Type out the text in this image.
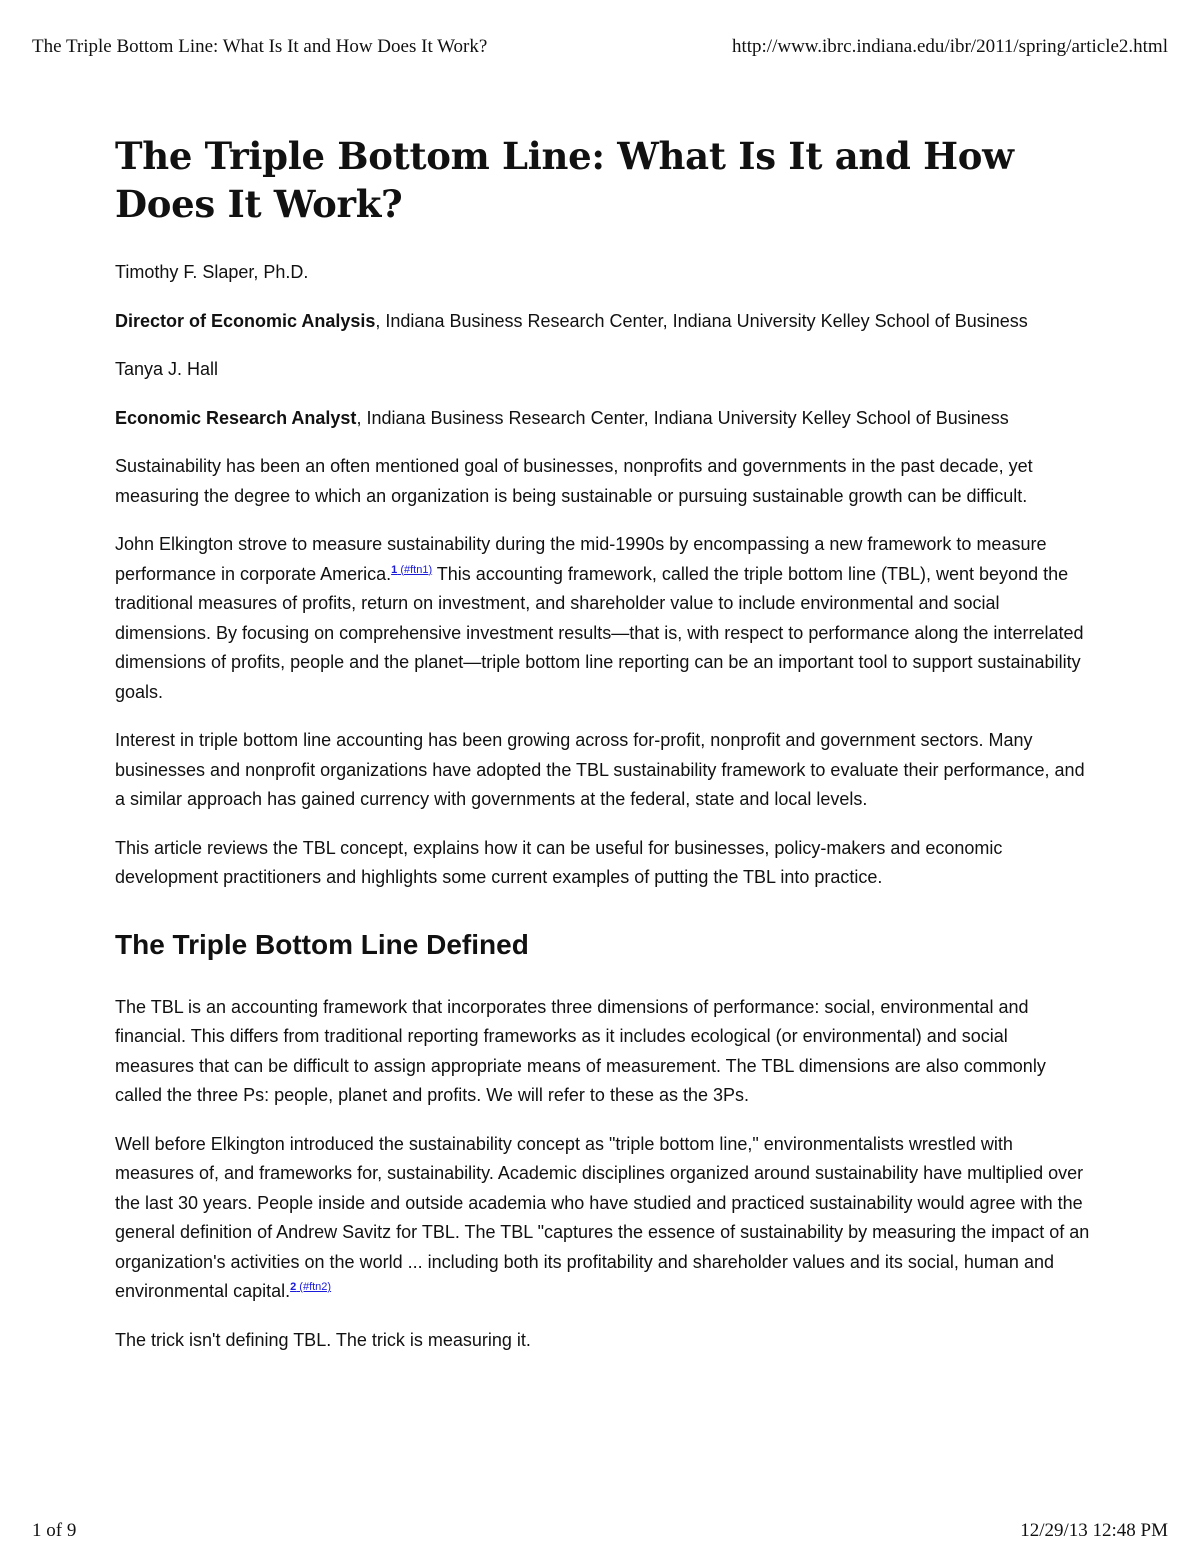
The Triple Bottom Line: What Is It and How Does It Work?	http://www.ibrc.indiana.edu/ibr/2011/spring/article2.html
The Triple Bottom Line: What Is It and How Does It Work?

Timothy F. Slaper, Ph.D.

Director of Economic Analysis, Indiana Business Research Center, Indiana University Kelley School of Business

Tanya J. Hall

Economic Research Analyst, Indiana Business Research Center, Indiana University Kelley School of Business

Sustainability has been an often mentioned goal of businesses, nonprofits and governments in the past decade, yet measuring the degree to which an organization is being sustainable or pursuing sustainable growth can be difficult.

John Elkington strove to measure sustainability during the mid-1990s by encompassing a new framework to measure performance in corporate America.$^{1 (\#ftn1)}$ This accounting framework, called the triple bottom line (TBL), went beyond the traditional measures of profits, return on investment, and shareholder value to include environmental and social dimensions. By focusing on comprehensive investment results—that is, with respect to performance along the interrelated dimensions of profits, people and the planet—triple bottom line reporting can be an important tool to support sustainability goals.

Interest in triple bottom line accounting has been growing across for-profit, nonprofit and government sectors. Many businesses and nonprofit organizations have adopted the TBL sustainability framework to evaluate their performance, and a similar approach has gained currency with governments at the federal, state and local levels.

This article reviews the TBL concept, explains how it can be useful for businesses, policy-makers and economic development practitioners and highlights some current examples of putting the TBL into practice.

The Triple Bottom Line Defined

The TBL is an accounting framework that incorporates three dimensions of performance: social, environmental and financial. This differs from traditional reporting frameworks as it includes ecological (or environmental) and social measures that can be difficult to assign appropriate means of measurement. The TBL dimensions are also commonly called the three Ps: people, planet and profits. We will refer to these as the 3Ps.

Well before Elkington introduced the sustainability concept as "triple bottom line," environmentalists wrestled with measures of, and frameworks for, sustainability. Academic disciplines organized around sustainability have multiplied over the last 30 years. People inside and outside academia who have studied and practiced sustainability would agree with the general definition of Andrew Savitz for TBL. The TBL "captures the essence of sustainability by measuring the impact of an organization's activities on the world ... including both its profitability and shareholder values and its social, human and environmental capital.$^{2 (\#ftn2)}$

The trick isn't defining TBL. The trick is measuring it.

1 of 9	12/29/13 12:48 PM
